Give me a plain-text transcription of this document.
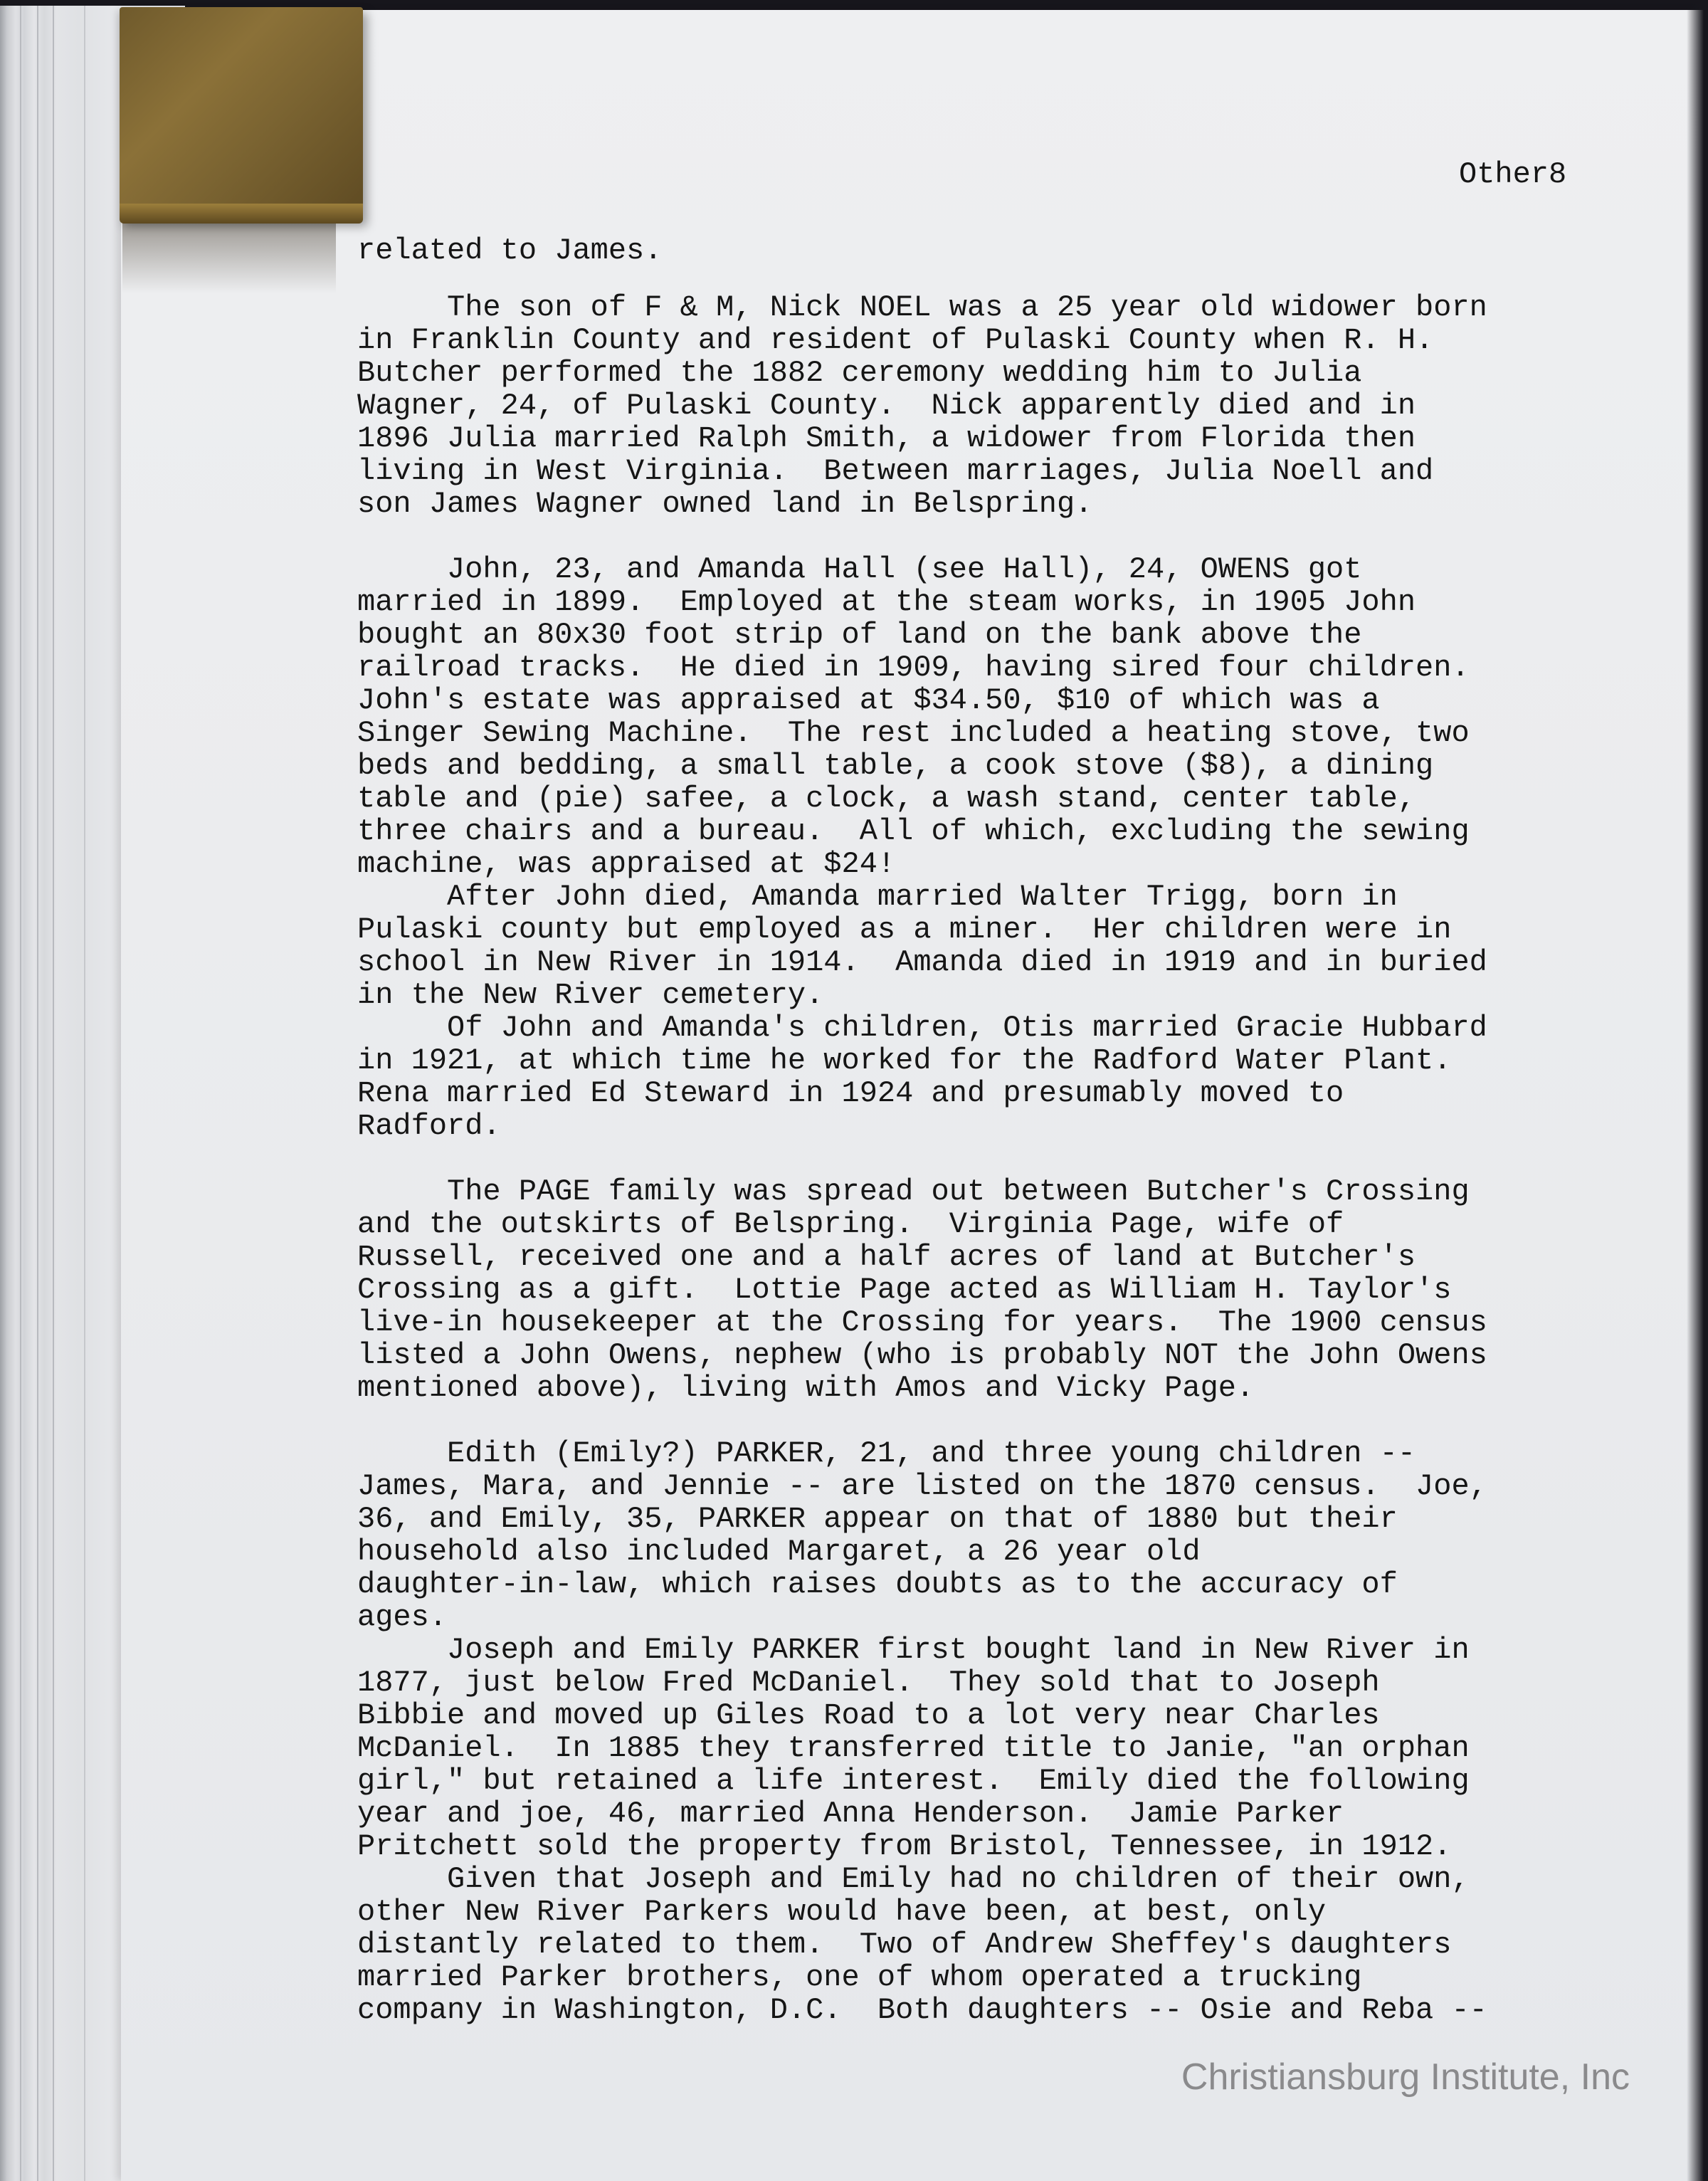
Other8
related to James.
The son of F & M, Nick NOEL was a 25 year old widower born
in Franklin County and resident of Pulaski County when R. H.
Butcher performed the 1882 ceremony wedding him to Julia
Wagner, 24, of Pulaski County.  Nick apparently died and in
1896 Julia married Ralph Smith, a widower from Florida then
living in West Virginia.  Between marriages, Julia Noell and
son James Wagner owned land in Belspring.
John, 23, and Amanda Hall (see Hall), 24, OWENS got
married in 1899.  Employed at the steam works, in 1905 John
bought an 80x30 foot strip of land on the bank above the
railroad tracks.  He died in 1909, having sired four children.
John's estate was appraised at $34.50, $10 of which was a
Singer Sewing Machine.  The rest included a heating stove, two
beds and bedding, a small table, a cook stove ($8), a dining
table and (pie) safee, a clock, a wash stand, center table,
three chairs and a bureau.  All of which, excluding the sewing
machine, was appraised at $24!
After John died, Amanda married Walter Trigg, born in
Pulaski county but employed as a miner.  Her children were in
school in New River in 1914.  Amanda died in 1919 and in buried
in the New River cemetery.
Of John and Amanda's children, Otis married Gracie Hubbard
in 1921, at which time he worked for the Radford Water Plant.
Rena married Ed Steward in 1924 and presumably moved to
Radford.
The PAGE family was spread out between Butcher's Crossing
and the outskirts of Belspring.  Virginia Page, wife of
Russell, received one and a half acres of land at Butcher's
Crossing as a gift.  Lottie Page acted as William H. Taylor's
live-in housekeeper at the Crossing for years.  The 1900 census
listed a John Owens, nephew (who is probably NOT the John Owens
mentioned above), living with Amos and Vicky Page.
Edith (Emily?) PARKER, 21, and three young children --
James, Mara, and Jennie -- are listed on the 1870 census.  Joe,
36, and Emily, 35, PARKER appear on that of 1880 but their
household also included Margaret, a 26 year old
daughter-in-law, which raises doubts as to the accuracy of
ages.
Joseph and Emily PARKER first bought land in New River in
1877, just below Fred McDaniel.  They sold that to Joseph
Bibbie and moved up Giles Road to a lot very near Charles
McDaniel.  In 1885 they transferred title to Janie, "an orphan
girl," but retained a life interest.  Emily died the following
year and joe, 46, married Anna Henderson.  Jamie Parker
Pritchett sold the property from Bristol, Tennessee, in 1912.
Given that Joseph and Emily had no children of their own,
other New River Parkers would have been, at best, only
distantly related to them.  Two of Andrew Sheffey's daughters
married Parker brothers, one of whom operated a trucking
company in Washington, D.C.  Both daughters -- Osie and Reba --
Christiansburg Institute, Inc
